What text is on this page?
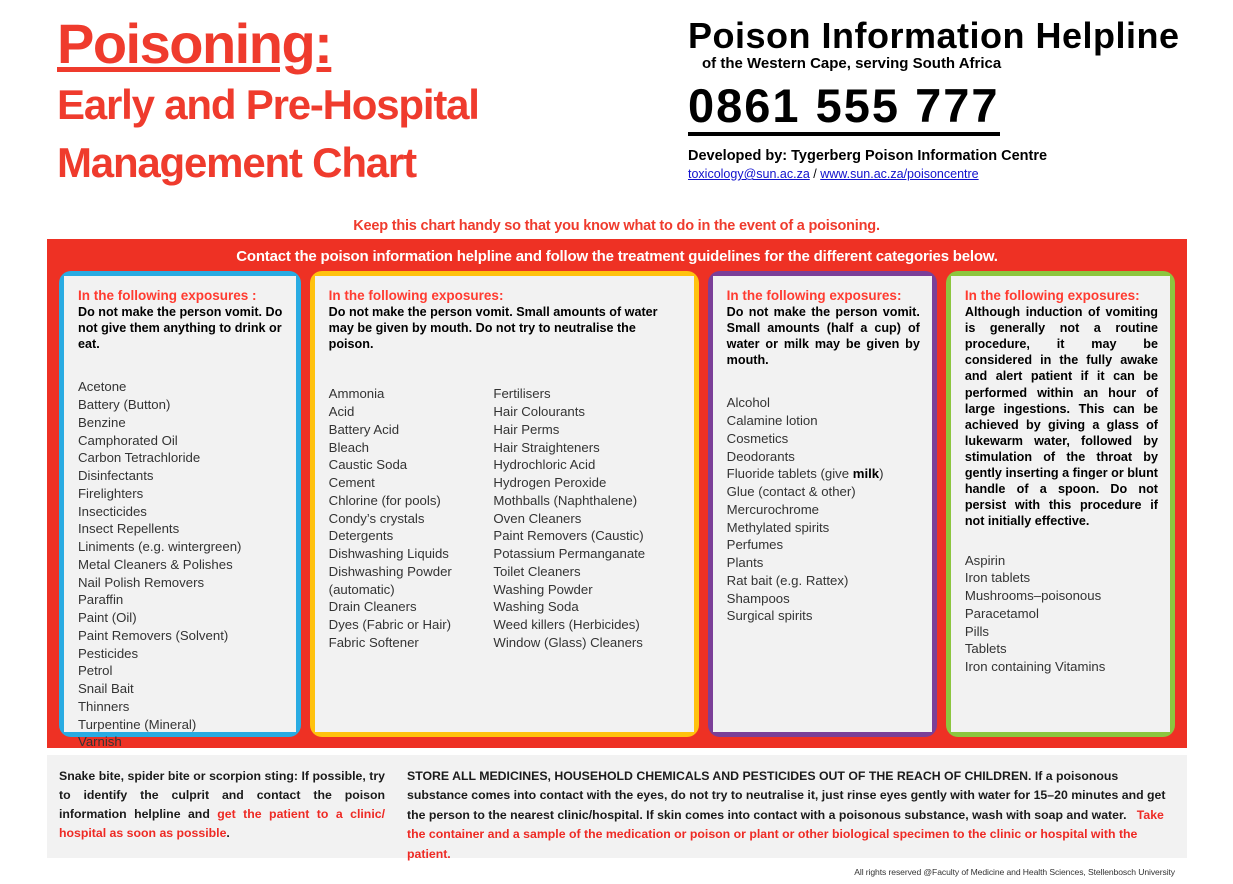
Poisoning:
Early and Pre-Hospital
Management Chart
Poison Information Helpline
of the Western Cape, serving South Africa
0861 555 777
Developed by: Tygerberg Poison Information Centre
toxicology@sun.ac.za / www.sun.ac.za/poisoncentre
Keep this chart handy so that you know what to do in the event of a poisoning.
Contact the poison information helpline and follow the treatment guidelines for the different categories below.
In the following exposures :
Do not make the person vomit. Do not give them anything to drink or eat.
Acetone
Battery (Button)
Benzine
Camphorated Oil
Carbon Tetrachloride
Disinfectants
Firelighters
Insecticides
Insect Repellents
Liniments (e.g. wintergreen)
Metal Cleaners & Polishes
Nail Polish Removers
Paraffin
Paint (Oil)
Paint Removers (Solvent)
Pesticides
Petrol
Snail Bait
Thinners
Turpentine (Mineral)
Varnish
In the following exposures:
Do not make the person vomit. Small amounts of water may be given by mouth. Do not try to neutralise the poison.
Ammonia
Acid
Battery Acid
Bleach
Caustic Soda
Cement
Chlorine (for pools)
Condy’s crystals
Detergents
Dishwashing Liquids
Dishwashing Powder
(automatic)
Drain Cleaners
Dyes (Fabric or Hair)
Fabric Softener
Fertilisers
Hair Colourants
Hair Perms
Hair Straighteners
Hydrochloric Acid
Hydrogen Peroxide
Mothballs (Naphthalene)
Oven Cleaners
Paint Removers (Caustic)
Potassium Permanganate
Toilet Cleaners
Washing Powder
Washing Soda
Weed killers (Herbicides)
Window (Glass) Cleaners
In the following exposures:
Do not make the person vomit. Small amounts (half a cup) of water or milk may be given by mouth.
Alcohol
Calamine lotion
Cosmetics
Deodorants
Fluoride tablets (give milk)
Glue (contact & other)
Mercurochrome
Methylated spirits
Perfumes
Plants
Rat bait (e.g. Rattex)
Shampoos
Surgical spirits
In the following exposures:
Although induction of vomiting is generally not a routine procedure, it may be considered in the fully awake and alert patient if it can be performed within an hour of large ingestions. This can be achieved by giving a glass of lukewarm water, followed by stimulation of the throat by gently inserting a finger or blunt handle of a spoon. Do not persist with this procedure if not initially effective.
Aspirin
Iron tablets
Mushrooms–poisonous
Paracetamol
Pills
Tablets
Iron containing Vitamins
Snake bite, spider bite or scorpion sting: If possible, try to identify the culprit and contact the poison information helpline and get the patient to a clinic/ hospital as soon as possible.
STORE ALL MEDICINES, HOUSEHOLD CHEMICALS AND PESTICIDES OUT OF THE REACH OF CHILDREN. If a poisonous substance comes into contact with the eyes, do not try to neutralise it, just rinse eyes gently with water for 15–20 minutes and get the person to the nearest clinic/hospital. If skin comes into contact with a poisonous substance, wash with soap and water.   Take the container and a sample of the medication or poison or plant or other biological specimen to the clinic or hospital with the patient.
All rights reserved @Faculty of Medicine and Health Sciences, Stellenbosch University
